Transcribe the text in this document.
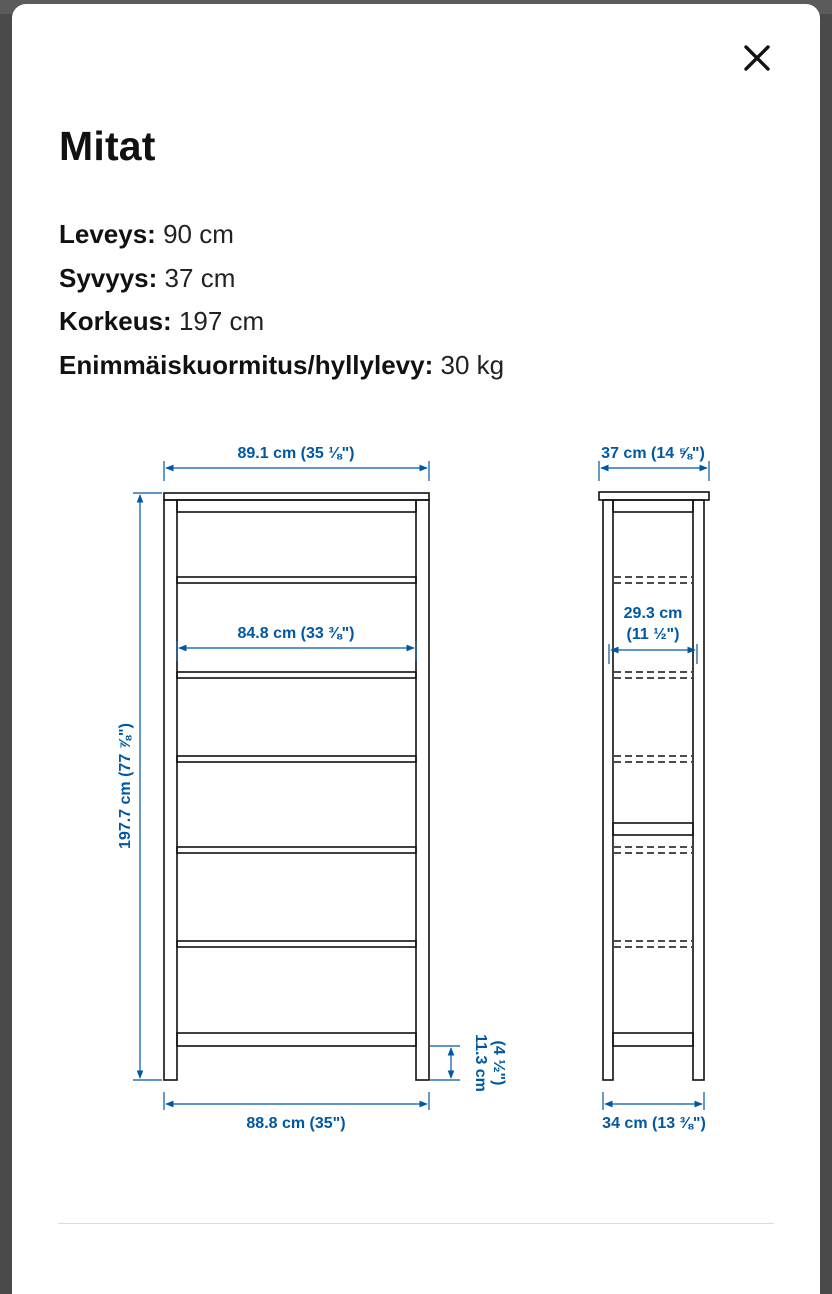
Mitat
Leveys: 90 cm
Syvyys: 37 cm
Korkeus: 197 cm
Enimmäiskuormitus/hyllylevy: 30 kg
89.1 cm (35 ⅛")
84.8 cm (33 ⅜")
197.7 cm (77 ⅞")
11.3 cm (4 ½")
88.8 cm (35")
37 cm (14 ⅝")
29.3 cm
(11 ½")
34 cm (13 ⅜")
